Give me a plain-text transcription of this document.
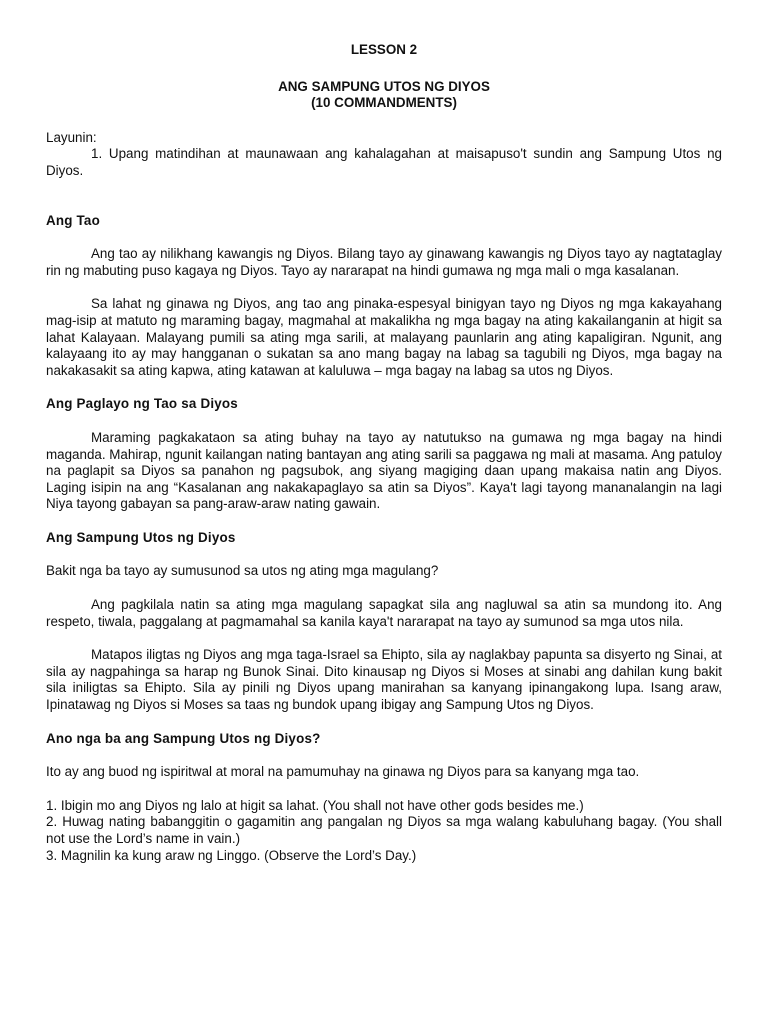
LESSON 2
ANG SAMPUNG UTOS NG DIYOS
(10 COMMANDMENTS)

Layunin:

1. Upang matindihan at maunawaan ang kahalagahan at maisapuso't sundin ang Sampung Utos ng Diyos.

Ang Tao

Ang tao ay nilikhang kawangis ng Diyos. Bilang tayo ay ginawang kawangis ng Diyos tayo ay nagtataglay rin ng mabuting puso kagaya ng Diyos. Tayo ay nararapat na hindi gumawa ng mga mali o mga kasalanan.

Sa lahat ng ginawa ng Diyos, ang tao ang pinaka-espesyal binigyan tayo ng Diyos ng mga kakayahang mag-isip at matuto ng maraming bagay, magmahal at makalikha ng mga bagay na ating kakailanganin at higit sa lahat Kalayaan. Malayang pumili sa ating mga sarili, at malayang paunlarin ang ating kapaligiran. Ngunit, ang kalayaang ito ay may hangganan o sukatan sa ano mang bagay na labag sa tagubili ng Diyos, mga bagay na nakakasakit sa ating kapwa, ating katawan at kaluluwa – mga bagay na labag sa utos ng Diyos.

Ang Paglayo ng Tao sa Diyos

Maraming pagkakataon sa ating buhay na tayo ay natutukso na gumawa ng mga bagay na hindi maganda. Mahirap, ngunit kailangan nating bantayan ang ating sarili sa paggawa ng mali at masama. Ang patuloy na paglapit sa Diyos sa panahon ng pagsubok, ang siyang magiging daan upang makaisa natin ang Diyos. Laging isipin na ang “Kasalanan ang nakakapaglayo sa atin sa Diyos”. Kaya't lagi tayong mananalangin na lagi Niya tayong gabayan sa pang-araw-araw nating gawain.

Ang Sampung Utos ng Diyos

Bakit nga ba tayo ay sumusunod sa utos ng ating mga magulang?

Ang pagkilala natin sa ating mga magulang sapagkat sila ang nagluwal sa atin sa mundong ito. Ang respeto, tiwala, paggalang at pagmamahal sa kanila kaya't nararapat na tayo ay sumunod sa mga utos nila.

Matapos iligtas ng Diyos ang mga taga-Israel sa Ehipto, sila ay naglakbay papunta sa disyerto ng Sinai, at sila ay nagpahinga sa harap ng Bunok Sinai. Dito kinausap ng Diyos si Moses at sinabi ang dahilan kung bakit sila iniligtas sa Ehipto. Sila ay pinili ng Diyos upang manirahan sa kanyang ipinangakong lupa. Isang araw, Ipinatawag ng Diyos si Moses sa taas ng bundok upang ibigay ang Sampung Utos ng Diyos.

Ano nga ba ang Sampung Utos ng Diyos?

Ito ay ang buod ng ispiritwal at moral na pamumuhay na ginawa ng Diyos para sa kanyang mga tao.

1. Ibigin mo ang Diyos ng lalo at higit sa lahat. (You shall not have other gods besides me.)

2. Huwag nating babanggitin o gagamitin ang pangalan ng Diyos sa mga walang kabuluhang bagay. (You shall not use the Lord’s name in vain.)

3. Magnilin ka kung araw ng Linggo. (Observe the Lord’s Day.)
